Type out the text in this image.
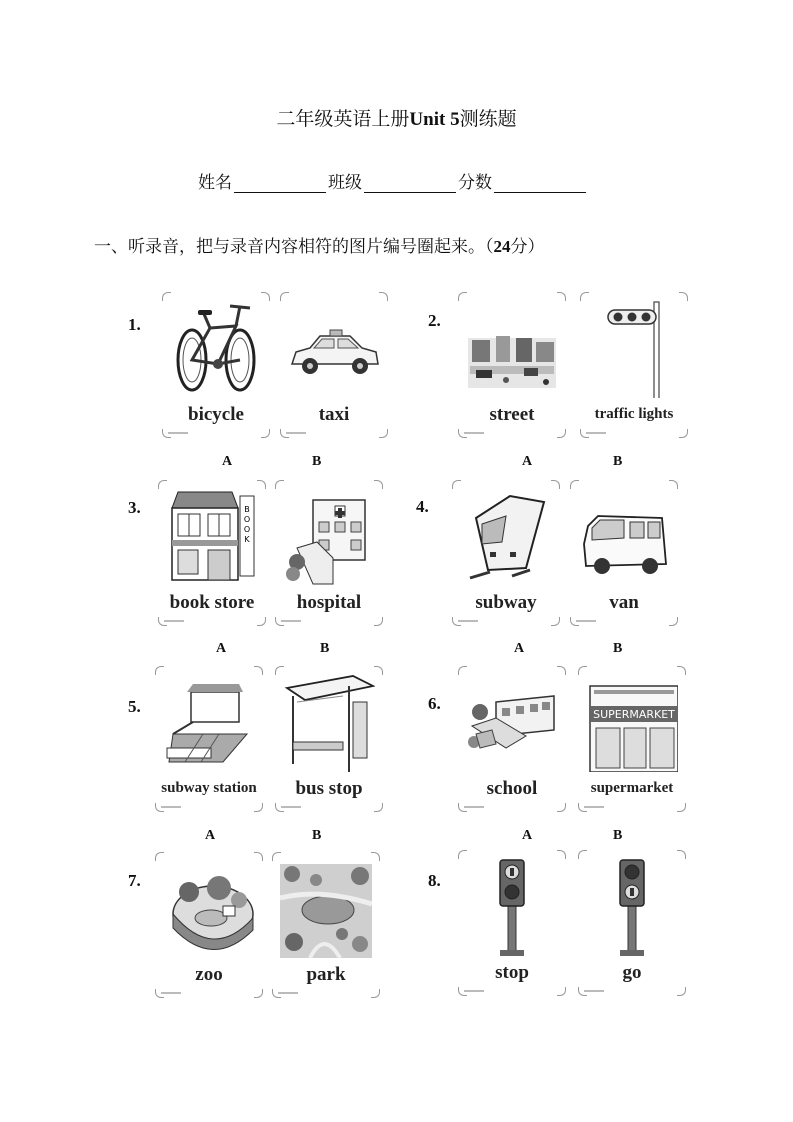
二年级英语上册Unit 5测练题
姓名	班级	分数
一、听录音，把与录音内容相符的图片编号圈起来。（24分）
1.
bicycle	taxi
A	B
2.
street	traffic lights
A	B
3.	B
O
O
K
book store	hospital
A	B
4.
subway	van
A	B
5.
subway station	bus stop
A	B
6.
school
SUPERMARKET
supermarket
A	B
7.
zoo	park
8.
stop	go
